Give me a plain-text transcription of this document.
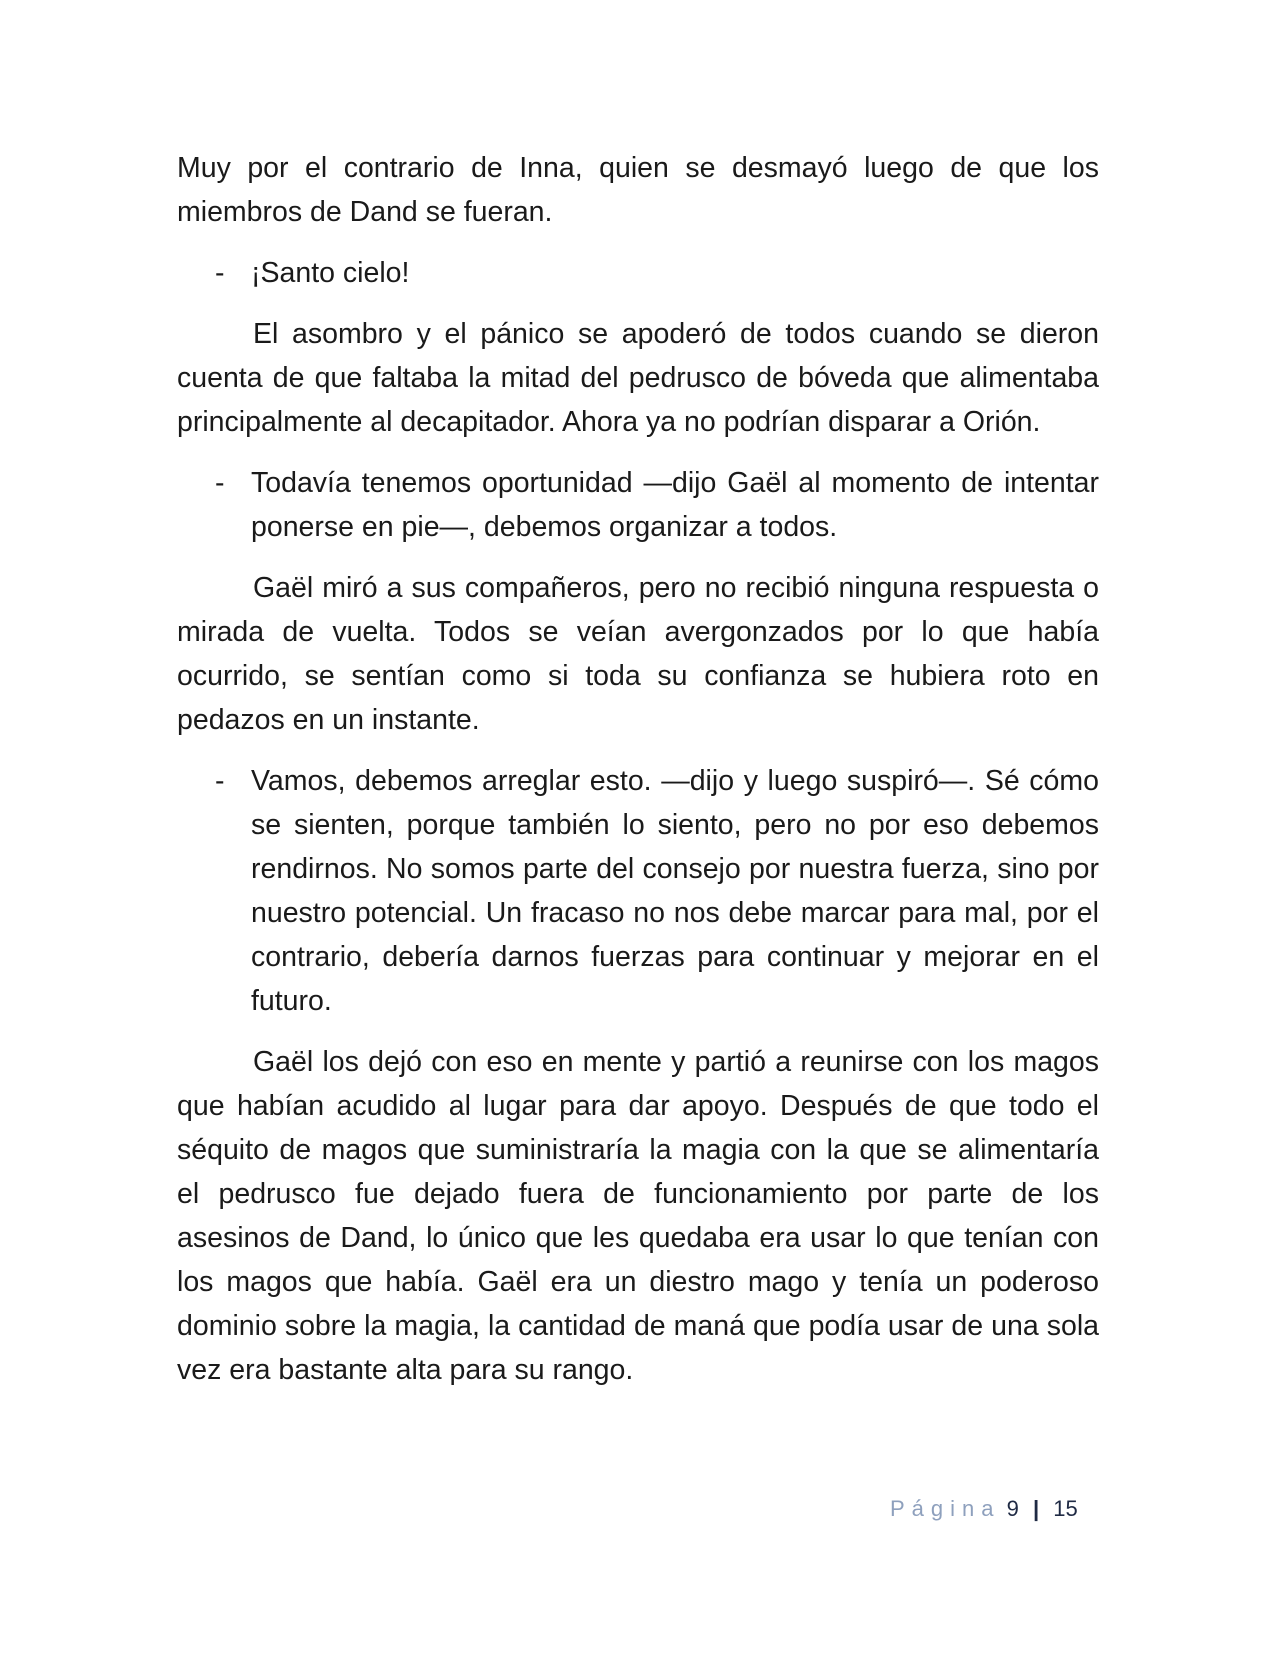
Muy por el contrario de Inna, quien se desmayó luego de que los miembros de Dand se fueran.

- ¡Santo cielo!

El asombro y el pánico se apoderó de todos cuando se dieron cuenta de que faltaba la mitad del pedrusco de bóveda que alimentaba principalmente al decapitador. Ahora ya no podrían disparar a Orión.

- Todavía tenemos oportunidad —dijo Gaël al momento de intentar ponerse en pie—, debemos organizar a todos.

Gaël miró a sus compañeros, pero no recibió ninguna respuesta o mirada de vuelta. Todos se veían avergonzados por lo que había ocurrido, se sentían como si toda su confianza se hubiera roto en pedazos en un instante.

- Vamos, debemos arreglar esto. —dijo y luego suspiró—. Sé cómo se sienten, porque también lo siento, pero no por eso debemos rendirnos. No somos parte del consejo por nuestra fuerza, sino por nuestro potencial. Un fracaso no nos debe marcar para mal, por el contrario, debería darnos fuerzas para continuar y mejorar en el futuro.

Gaël los dejó con eso en mente y partió a reunirse con los magos que habían acudido al lugar para dar apoyo. Después de que todo el séquito de magos que suministraría la magia con la que se alimentaría el pedrusco fue dejado fuera de funcionamiento por parte de los asesinos de Dand, lo único que les quedaba era usar lo que tenían con los magos que había. Gaël era un diestro mago y tenía un poderoso dominio sobre la magia, la cantidad de maná que podía usar de una sola vez era bastante alta para su rango.

Página 9 | 15
